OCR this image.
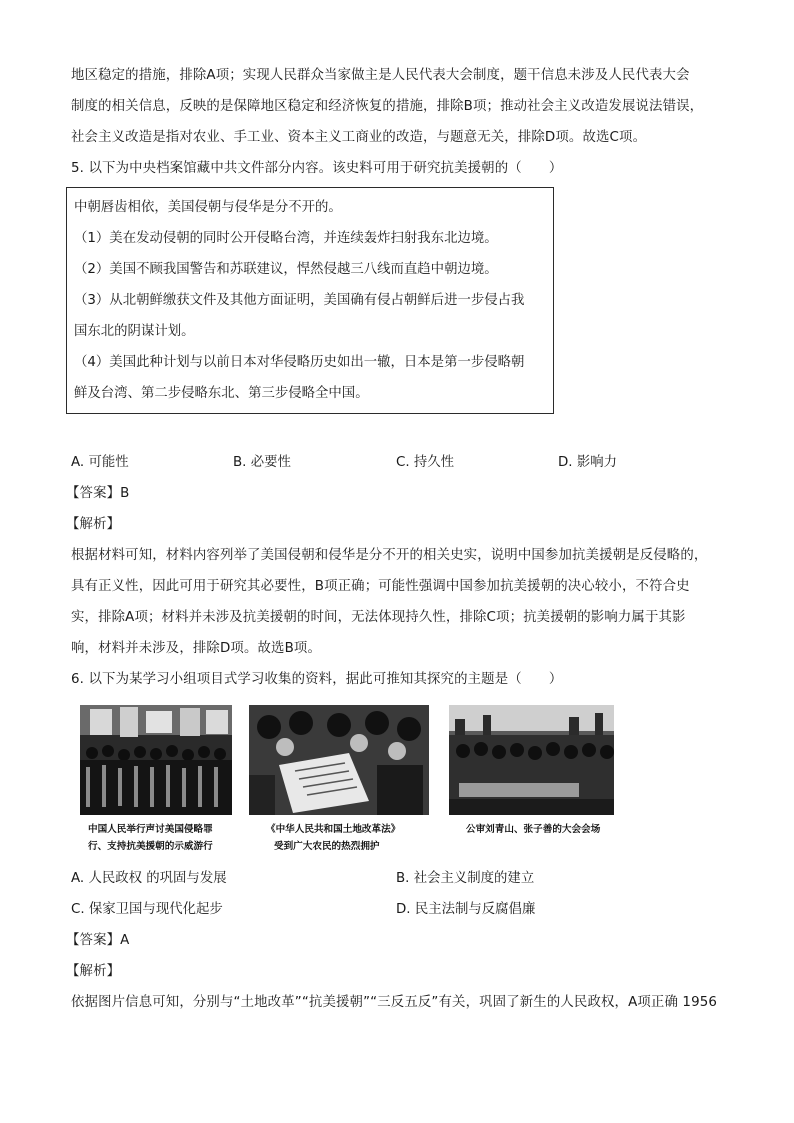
地区稳定的措施，排除A项；实现人民群众当家做主是人民代表大会制度，题干信息未涉及人民代表大会
制度的相关信息，反映的是保障地区稳定和经济恢复的措施，排除B项；推动社会主义改造发展说法错误，
社会主义改造是指对农业、手工业、资本主义工商业的改造，与题意无关，排除D项。故选C项。
5. 以下为中央档案馆藏中共文件部分内容。该史料可用于研究抗美援朝的（　　）
中朝唇齿相依，美国侵朝与侵华是分不开的。
（1）美在发动侵朝的同时公开侵略台湾，并连续轰炸扫射我东北边境。
（2）美国不顾我国警告和苏联建议，悍然侵越三八线而直趋中朝边境。
（3）从北朝鲜缴获文件及其他方面证明，美国确有侵占朝鲜后进一步侵占我
国东北的阴谋计划。
（4）美国此种计划与以前日本对华侵略历史如出一辙，日本是第一步侵略朝
鲜及台湾、第二步侵略东北、第三步侵略全中国。
A. 可能性	B. 必要性	C. 持久性	D. 影响力
【答案】B
【解析】
根据材料可知，材料内容列举了美国侵朝和侵华是分不开的相关史实，说明中国参加抗美援朝是反侵略的，
具有正义性，因此可用于研究其必要性，B项正确；可能性强调中国参加抗美援朝的决心较小，不符合史
实，排除A项；材料并未涉及抗美援朝的时间，无法体现持久性，排除C项；抗美援朝的影响力属于其影
响，材料并未涉及，排除D项。故选B项。
6. 以下为某学习小组项目式学习收集的资料，据此可推知其探究的主题是（　　）
中国人民举行声讨美国侵略罪
行、支持抗美援朝的示威游行
《中华人民共和国土地改革法》
受到广大农民的热烈拥护
公审刘青山、张子善的大会会场
A. 人民政权 的巩固与发展	B. 社会主义制度的建立
C. 保家卫国与现代化起步	D. 民主法制与反腐倡廉
【答案】A
【解析】
依据图片信息可知，分别与“土地改革”“抗美援朝”“三反五反”有关，巩固了新生的人民政权，A项正确 1956
